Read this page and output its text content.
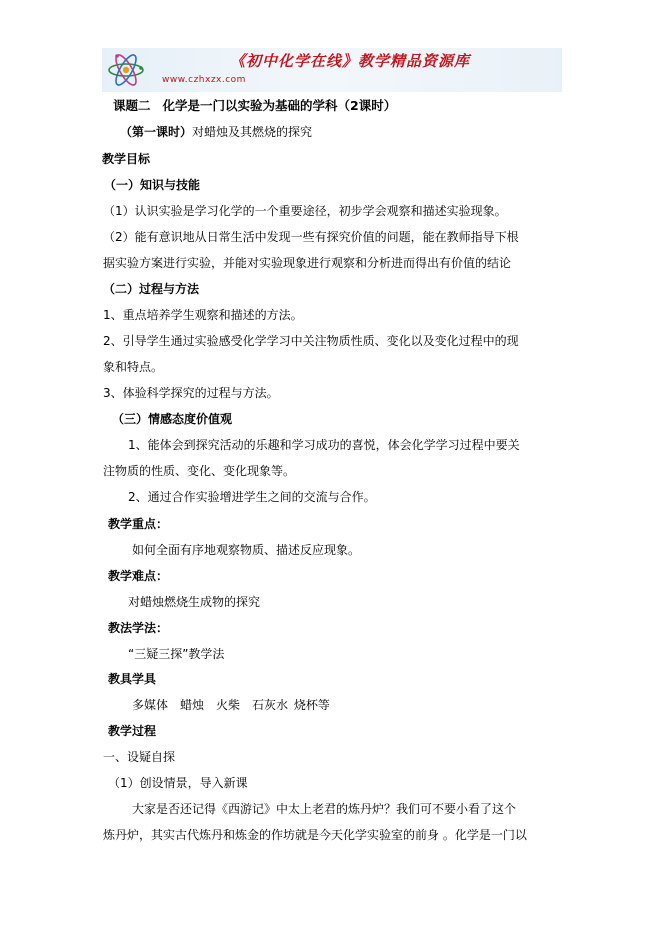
《初中化学在线》教学精品资源库
www.czhxzx.com
课题二 化学是一门以实验为基础的学科（2课时）
（第一课时）对蜡烛及其燃烧的探究
教学目标
（一）知识与技能
（1）认识实验是学习化学的一个重要途径，初步学会观察和描述实验现象。
（2）能有意识地从日常生活中发现一些有探究价值的问题，能在教师指导下根
据实验方案进行实验，并能对实验现象进行观察和分析进而得出有价值的结论
（二）过程与方法
1、重点培养学生观察和描述的方法。
2、引导学生通过实验感受化学学习中关注物质性质、变化以及变化过程中的现
象和特点。
3、体验科学探究的过程与方法。
（三）情感态度价值观
1、能体会到探究活动的乐趣和学习成功的喜悦，体会化学学习过程中要关
注物质的性质、变化、变化现象等。
2、通过合作实验增进学生之间的交流与合作。
教学重点：
如何全面有序地观察物质、描述反应现象。
教学难点：
对蜡烛燃烧生成物的探究
教法学法：
“三疑三探”教学法
教具学具
多媒体　蜡烛　火柴　石灰水 烧杯等
教学过程
一、设疑自探
（1）创设情景，导入新课
大家是否还记得《西游记》中太上老君的炼丹炉？我们可不要小看了这个
炼丹炉，其实古代炼丹和炼金的作坊就是今天化学实验室的前身 。化学是一门以
